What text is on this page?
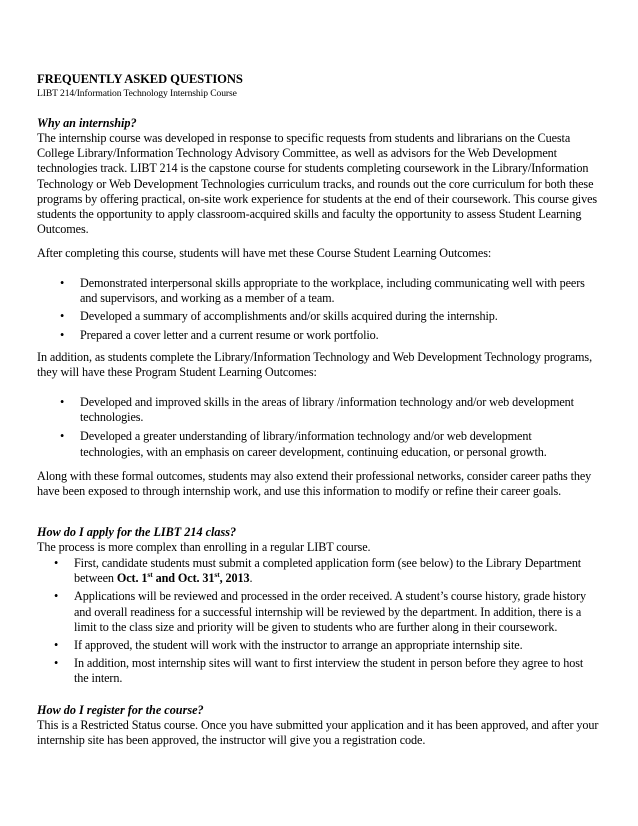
FREQUENTLY ASKED QUESTIONS
LIBT 214/Information Technology Internship Course
Why an internship?
The internship course was developed in response to specific requests from students and librarians on the Cuesta College Library/Information Technology Advisory Committee, as well as advisors for the Web Development technologies track. LIBT 214 is the capstone course for students completing coursework in the Library/Information Technology or Web Development Technologies curriculum tracks, and rounds out the core curriculum for both these programs by offering practical, on-site work experience for students at the end of their coursework. This course gives students the opportunity to apply classroom-acquired skills and faculty the opportunity to assess Student Learning Outcomes.
After completing this course, students will have met these Course Student Learning Outcomes:
• Demonstrated interpersonal skills appropriate to the workplace, including communicating well with peers and supervisors, and working as a member of a team.
• Developed a summary of accomplishments and/or skills acquired during the internship.
• Prepared a cover letter and a current resume or work portfolio.
In addition, as students complete the Library/Information Technology and Web Development Technology programs, they will have these Program Student Learning Outcomes:
• Developed and improved skills in the areas of library /information technology and/or web development technologies.
• Developed a greater understanding of library/information technology and/or web development technologies, with an emphasis on career development, continuing education, or personal growth.
Along with these formal outcomes, students may also extend their professional networks, consider career paths they have been exposed to through internship work, and use this information to modify or refine their career goals.
How do I apply for the LIBT 214 class?
The process is more complex than enrolling in a regular LIBT course.
• First, candidate students must submit a completed application form (see below) to the Library Department between Oct. 1st and Oct. 31st, 2013.
• Applications will be reviewed and processed in the order received. A student’s course history, grade history and overall readiness for a successful internship will be reviewed by the department. In addition, there is a limit to the class size and priority will be given to students who are further along in their coursework.
• If approved, the student will work with the instructor to arrange an appropriate internship site.
• In addition, most internship sites will want to first interview the student in person before they agree to host the intern.
How do I register for the course?
This is a Restricted Status course. Once you have submitted your application and it has been approved, and after your internship site has been approved, the instructor will give you a registration code.
